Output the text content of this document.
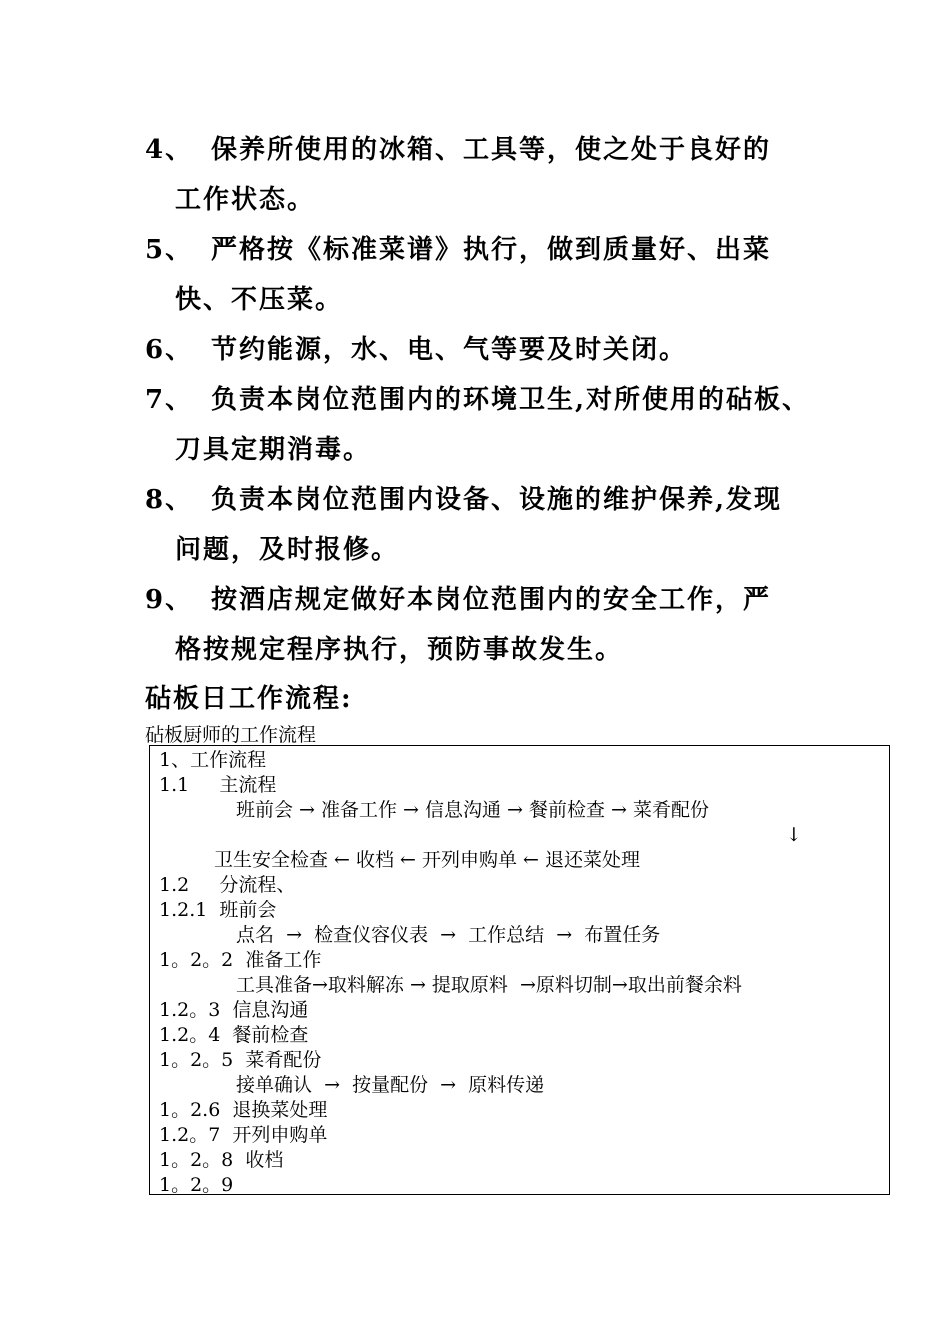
4、 保养所使用的冰箱、工具等，使之处于良好的
工作状态。
5、 严格按《标准菜谱》执行，做到质量好、出菜
快、不压菜。
6、 节约能源，水、电、气等要及时关闭。
7、 负责本岗位范围内的环境卫生,对所使用的砧板、
刀具定期消毒。
8、 负责本岗位范围内设备、设施的维护保养,发现
问题，及时报修。
9、 按酒店规定做好本岗位范围内的安全工作，严
格按规定程序执行，预防事故发生。
砧板日工作流程:
砧板厨师的工作流程
1、工作流程
1.1     主流程
班前会 → 准备工作 → 信息沟通 → 餐前检查 → 菜肴配份
↓
卫生安全检查 ← 收档 ← 开列申购单 ← 退还菜处理
1.2     分流程、
1.2.1  班前会
点名  →  检查仪容仪表  →  工作总结  →  布置任务
1。2。2  准备工作
工具准备→取料解冻 → 提取原料  →原料切制→取出前餐余料
1.2。3  信息沟通
1.2。4  餐前检查
1。2。5  菜肴配份
接单确认  →  按量配份  →  原料传递
1。2.6  退换菜处理
1.2。7  开列申购单
1。2。8  收档
1。2。9
